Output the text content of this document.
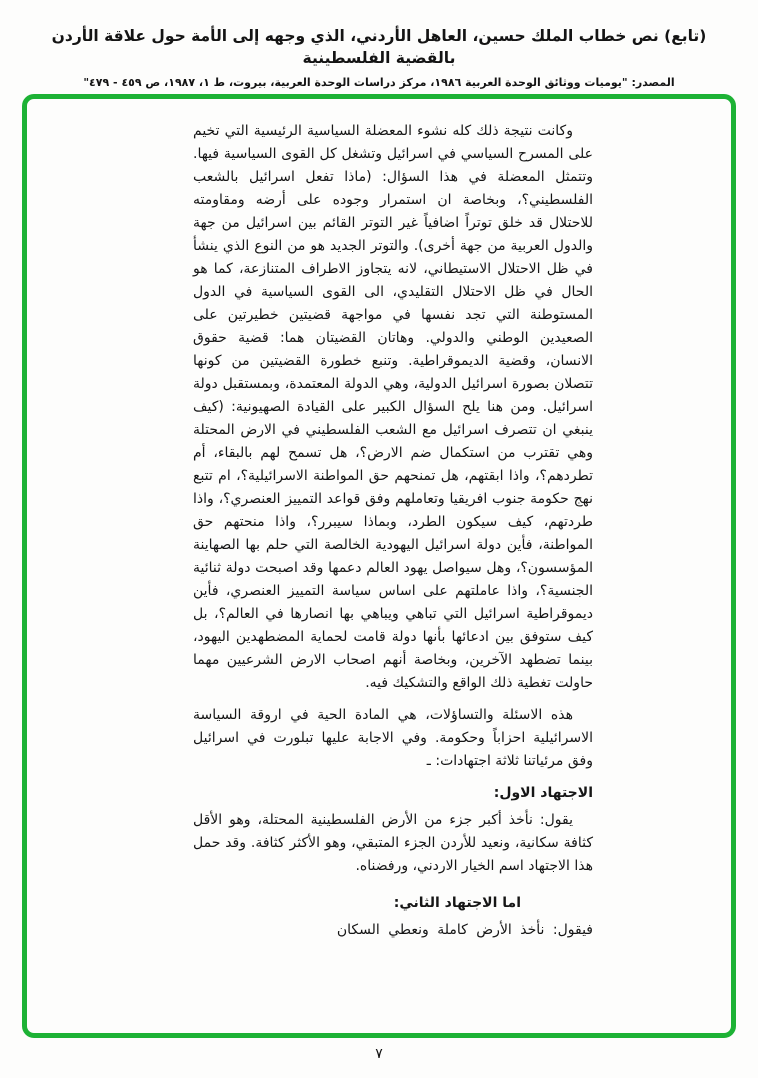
(تابع) نص خطاب الملك حسين، العاهل الأردني، الذي وجهه إلى الأمة حول علاقة الأردن بالقضية الفلسطينية
المصدر: "يوميات ووثائق الوحدة العربية ١٩٨٦، مركز دراسات الوحدة العربية، بيروت، ط ١، ١٩٨٧، ص ٤٥٩ - ٤٧٩"

وكانت نتيجة ذلك كله نشوء المعضلة السياسية الرئيسية التي تخيم على المسرح السياسي في اسرائيل وتشغل كل القوى السياسية فيها. وتتمثل المعضلة في هذا السؤال: (ماذا تفعل اسرائيل بالشعب الفلسطيني؟، وبخاصة ان استمرار وجوده على أرضه ومقاومته للاحتلال قد خلق توتراً اضافياً غير التوتر القائم بين اسرائيل من جهة والدول العربية من جهة أخرى). والتوتر الجديد هو من النوع الذي ينشأ في ظل الاحتلال الاستيطاني، لانه يتجاوز الاطراف المتنازعة، كما هو الحال في ظل الاحتلال التقليدي، الى القوى السياسية في الدول المستوطنة التي تجد نفسها في مواجهة قضيتين خطيرتين على الصعيدين الوطني والدولي. وهاتان القضيتان هما: قضية حقوق الانسان، وقضية الديموقراطية. وتنبع خطورة القضيتين من كونها تتصلان بصورة اسرائيل الدولية، وهي الدولة المعتمدة، وبمستقبل دولة اسرائيل. ومن هنا يلح السؤال الكبير على القيادة الصهيونية: (كيف ينبغي ان تتصرف اسرائيل مع الشعب الفلسطيني في الارض المحتلة وهي تقترب من استكمال ضم الارض؟، هل تسمح لهم بالبقاء، أم تطردهم؟، واذا ابقتهم، هل تمنحهم حق المواطنة الاسرائيلية؟، ام تتبع نهج حكومة جنوب افريقيا وتعاملهم وفق قواعد التمييز العنصري؟، واذا طردتهم، كيف سيكون الطرد، وبماذا سيبرر؟، واذا منحتهم حق المواطنة، فأين دولة اسرائيل اليهودية الخالصة التي حلم بها الصهاينة المؤسسون؟، وهل سيواصل يهود العالم دعمها وقد اصبحت دولة ثنائية الجنسية؟، واذا عاملتهم على اساس سياسة التمييز العنصري، فأين ديموقراطية اسرائيل التي تباهي ويباهي بها انصارها في العالم؟، بل كيف ستوفق بين ادعائها بأنها دولة قامت لحماية المضطهدين اليهود، بينما تضطهد الآخرين، وبخاصة أنهم اصحاب الارض الشرعيين مهما حاولت تغطية ذلك الواقع والتشكيك فيه.

هذه الاسئلة والتساؤلات، هي المادة الحية في اروقة السياسة الاسرائيلية احزاباً وحكومة. وفي الاجابة عليها تبلورت في اسرائيل وفق مرئياتنا ثلاثة اجتهادات: ـ

الاجتهاد الاول:

يقول: نأخذ أكبر جزء من الأرض الفلسطينية المحتلة، وهو الأقل كثافة سكانية، ونعيد للأردن الجزء المتبقي، وهو الأكثر كثافة. وقد حمل هذا الاجتهاد اسم الخيار الاردني، ورفضناه.

اما الاجتهاد الثاني:

فيقول: نأخذ الأرض كاملة ونعطي السكان

٧
